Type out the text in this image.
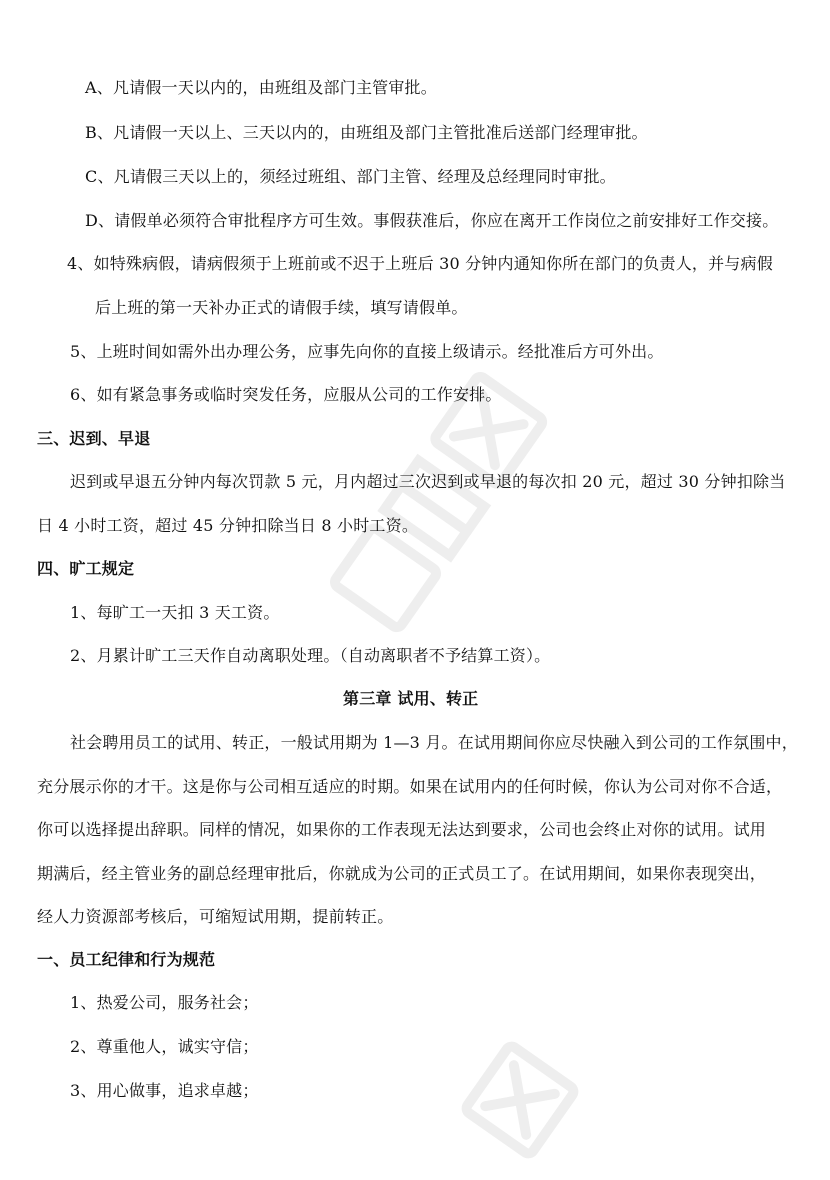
A、凡请假一天以内的，由班组及部门主管审批。
B、凡请假一天以上、三天以内的，由班组及部门主管批准后送部门经理审批。
C、凡请假三天以上的，须经过班组、部门主管、经理及总经理同时审批。
D、请假单必须符合审批程序方可生效。事假获准后，你应在离开工作岗位之前安排好工作交接。
4、如特殊病假，请病假须于上班前或不迟于上班后 30 分钟内通知你所在部门的负责人，并与病假
后上班的第一天补办正式的请假手续，填写请假单。
5、上班时间如需外出办理公务，应事先向你的直接上级请示。经批准后方可外出。
6、如有紧急事务或临时突发任务，应服从公司的工作安排。
三、迟到、早退
迟到或早退五分钟内每次罚款 5 元，月内超过三次迟到或早退的每次扣 20 元，超过 30 分钟扣除当
日 4 小时工资，超过 45 分钟扣除当日 8 小时工资。
四、旷工规定
1、每旷工一天扣 3 天工资。
2、月累计旷工三天作自动离职处理。（自动离职者不予结算工资）。
第三章 试用、转正
社会聘用员工的试用、转正，一般试用期为 1—3 月。在试用期间你应尽快融入到公司的工作氛围中，
充分展示你的才干。这是你与公司相互适应的时期。如果在试用内的任何时候，你认为公司对你不合适，
你可以选择提出辞职。同样的情况，如果你的工作表现无法达到要求，公司也会终止对你的试用。试用
期满后，经主管业务的副总经理审批后，你就成为公司的正式员工了。在试用期间，如果你表现突出，
经人力资源部考核后，可缩短试用期，提前转正。
一、员工纪律和行为规范
1、热爱公司，服务社会；
2、尊重他人，诚实守信；
3、用心做事，追求卓越；
